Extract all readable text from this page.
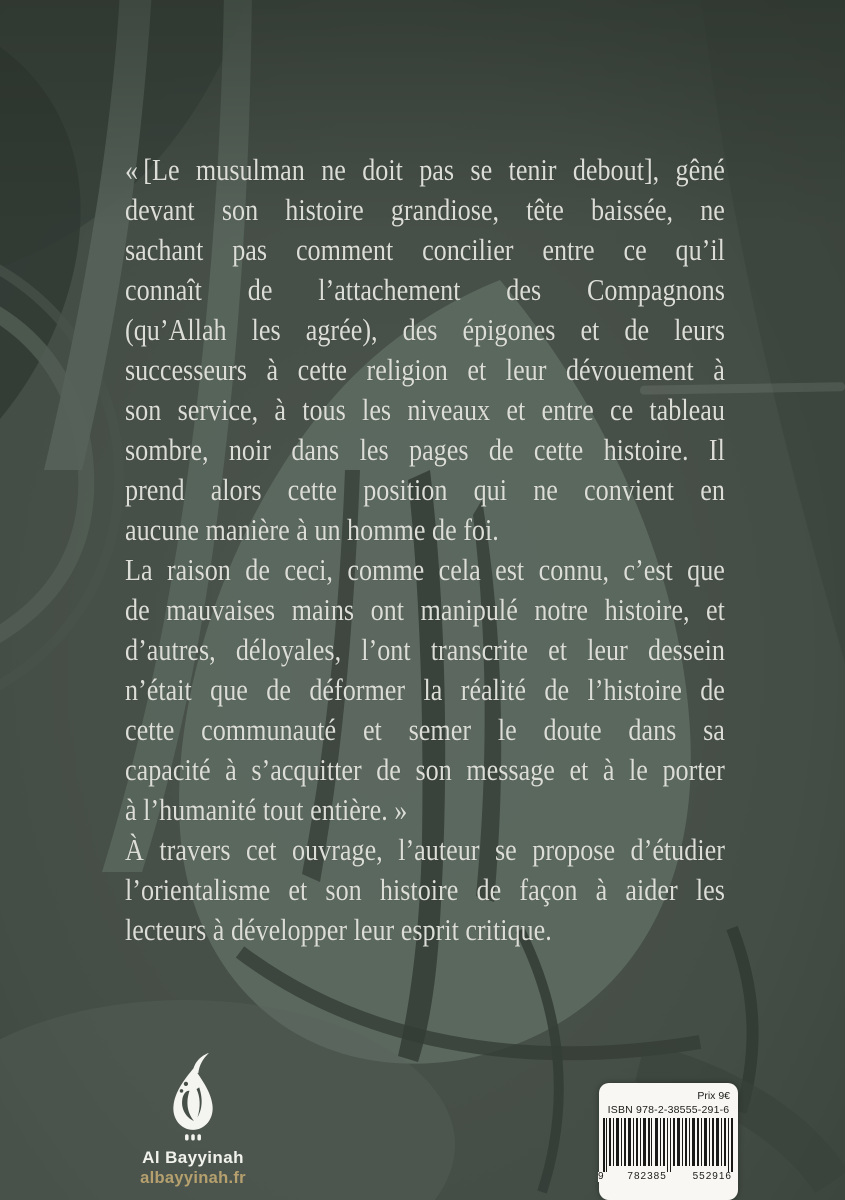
« [Le musulman ne doit pas se tenir debout], gêné
devant son histoire grandiose, tête baissée, ne
sachant pas comment concilier entre ce qu’il
connaît de l’attachement des Compagnons
(qu’Allah les agrée), des épigones et de leurs
successeurs à cette religion et leur dévouement à
son service, à tous les niveaux et entre ce tableau
sombre, noir dans les pages de cette histoire. Il
prend alors cette position qui ne convient en
aucune manière à un homme de foi.

La raison de ceci, comme cela est connu, c’est que
de mauvaises mains ont manipulé notre histoire, et
d’autres, déloyales, l’ont transcrite et leur dessein
n’était que de déformer la réalité de l’histoire de
cette communauté et semer le doute dans sa
capacité à s’acquitter de son message et à le porter
à l’humanité tout entière. »

À travers cet ouvrage, l’auteur se propose d’étudier
l’orientalisme et son histoire de façon à aider les
lecteurs à développer leur esprit critique.

Al Bayyinah
albayyinah.fr
Prix 9€
ISBN 978-2-38555-291-6
9 782385	552916
